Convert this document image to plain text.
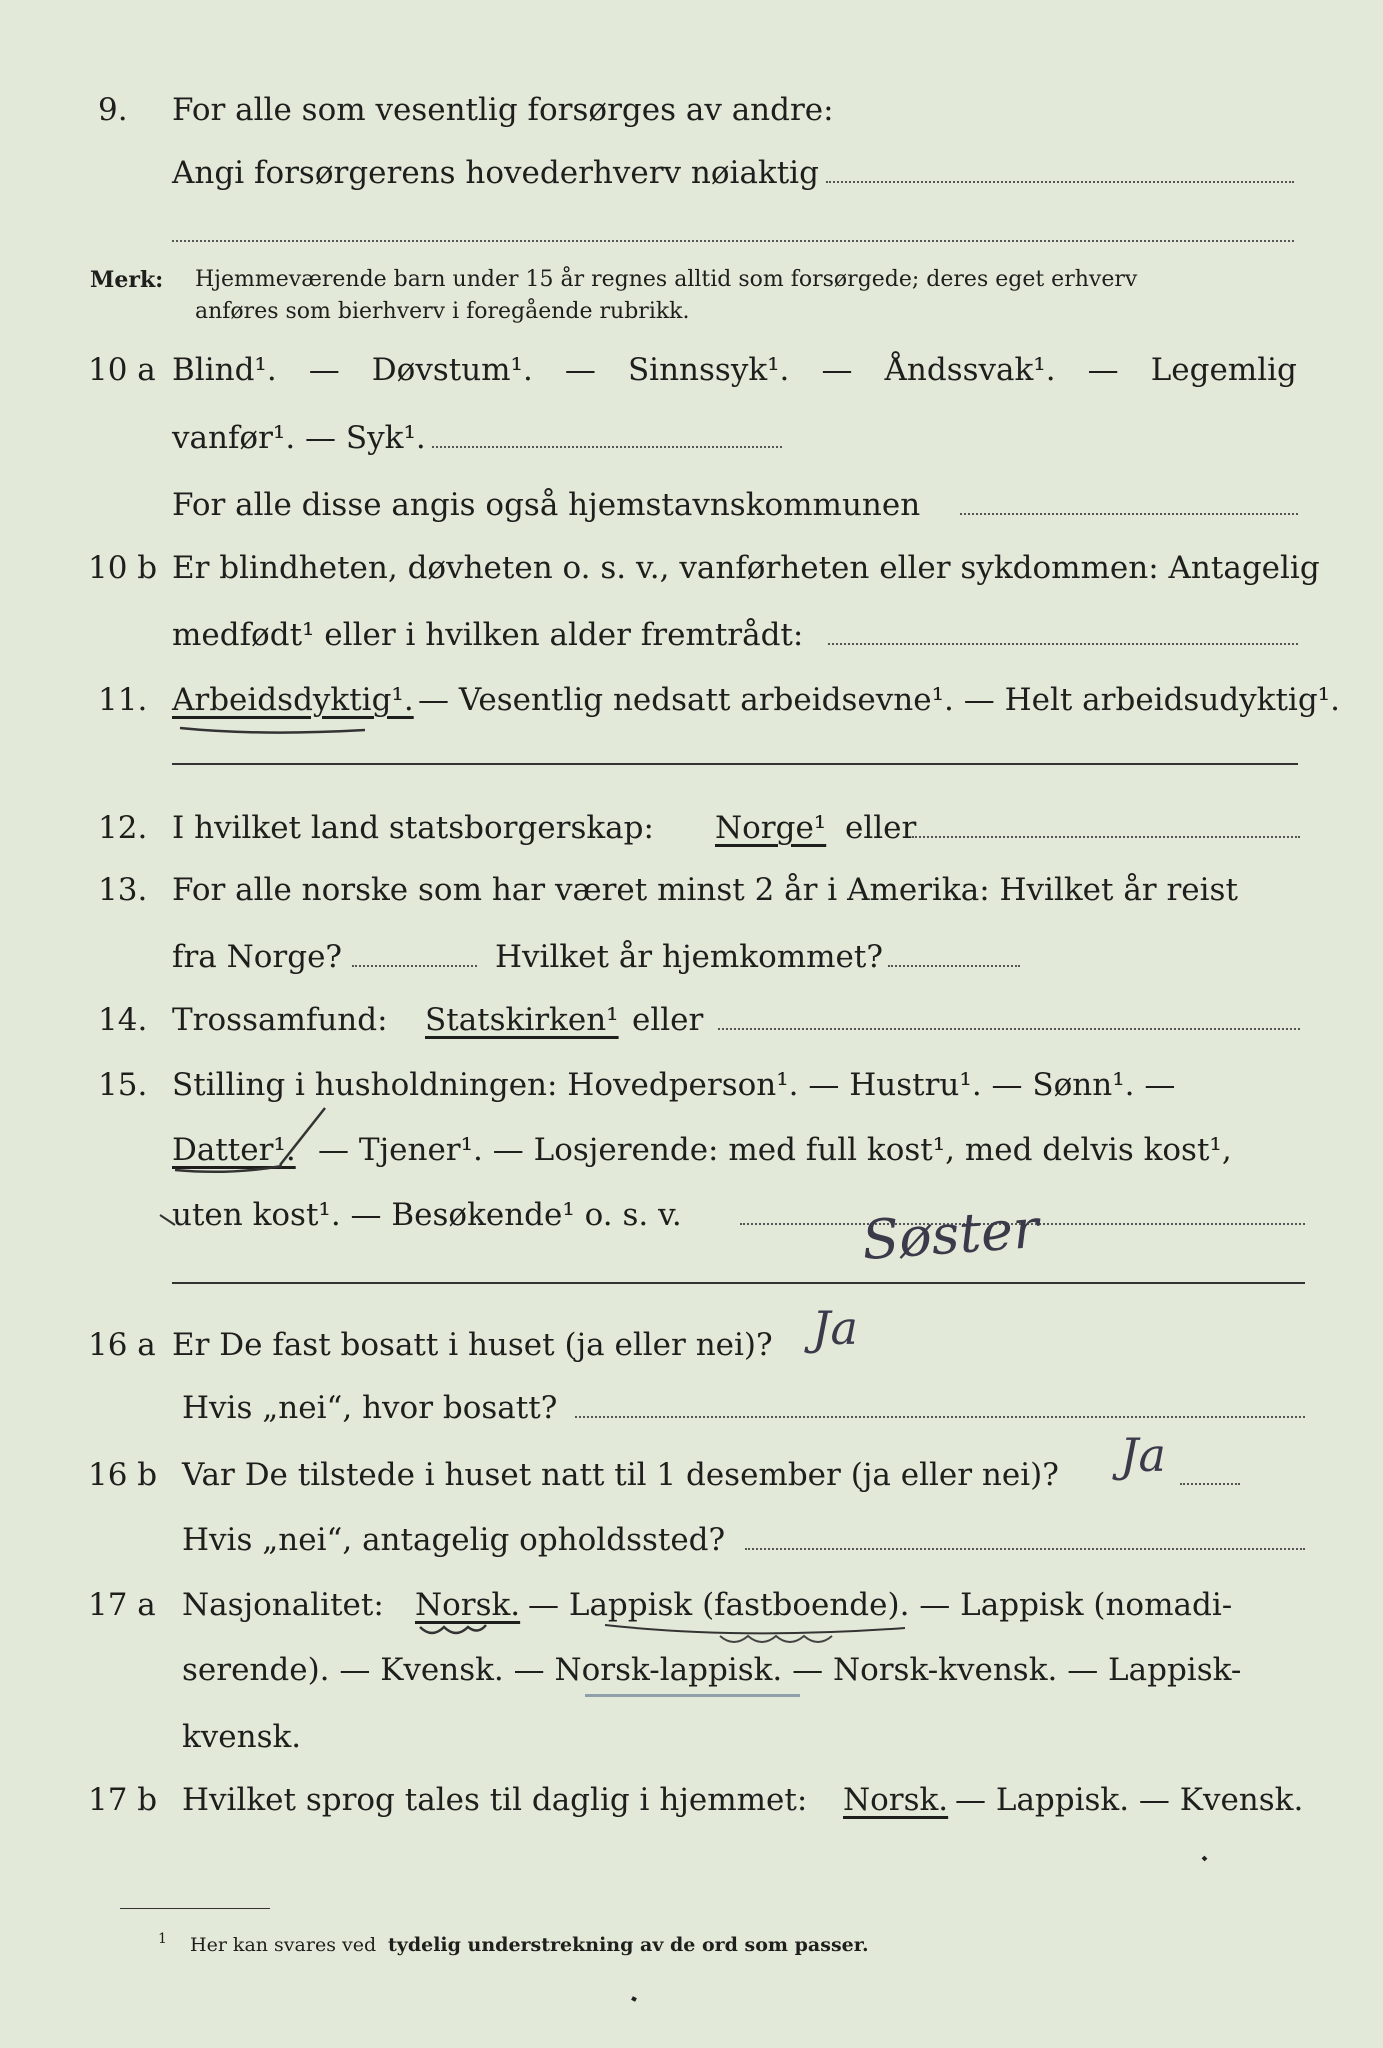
9. For alle som vesentlig forsørges av andre:
Angi forsørgerens hovederhverv nøiaktig
Merk: Hjemmeværende barn under 15 år regnes alltid som forsørgede; deres eget erhverv
anføres som bierhverv i foregående rubrikk.
10 a Blind¹. — Døvstum¹. — Sinnssyk¹. — Åndssvak¹. — Legemlig
vanfør¹. — Syk¹.
For alle disse angis også hjemstavnskommunen
10 b Er blindheten, døvheten o. s. v., vanførheten eller sykdommen: Antagelig
medfødt¹ eller i hvilken alder fremtrådt:
11. Arbeidsdyktig¹. — Vesentlig nedsatt arbeidsevne¹. — Helt arbeidsudyktig¹.
12. I hvilket land statsborgerskap: Norge¹ eller
13. For alle norske som har været minst 2 år i Amerika: Hvilket år reist
fra Norge?	Hvilket år hjemkommet?
14. Trossamfund: Statskirken¹ eller
15. Stilling i husholdningen: Hovedperson¹. — Hustru¹. — Sønn¹. —
Datter¹. — Tjener¹. — Losjerende: med full kost¹, med delvis kost¹,
uten kost¹. — Besøkende¹ o. s. v.	Søster
16 a Er De fast bosatt i huset (ja eller nei)? Ja
Hvis „nei“, hvor bosatt?
16 b Var De tilstede i huset natt til 1 desember (ja eller nei)? Ja
Hvis „nei“, antagelig opholdssted?
17 a Nasjonalitet: Norsk. — Lappisk (fastboende). — Lappisk (nomadi-
serende). — Kvensk. — Norsk-lappisk. — Norsk-kvensk. — Lappisk-
kvensk.
17 b Hvilket sprog tales til daglig i hjemmet: Norsk. — Lappisk. — Kvensk.
1 Her kan svares ved tydelig understrekning av de ord som passer.
